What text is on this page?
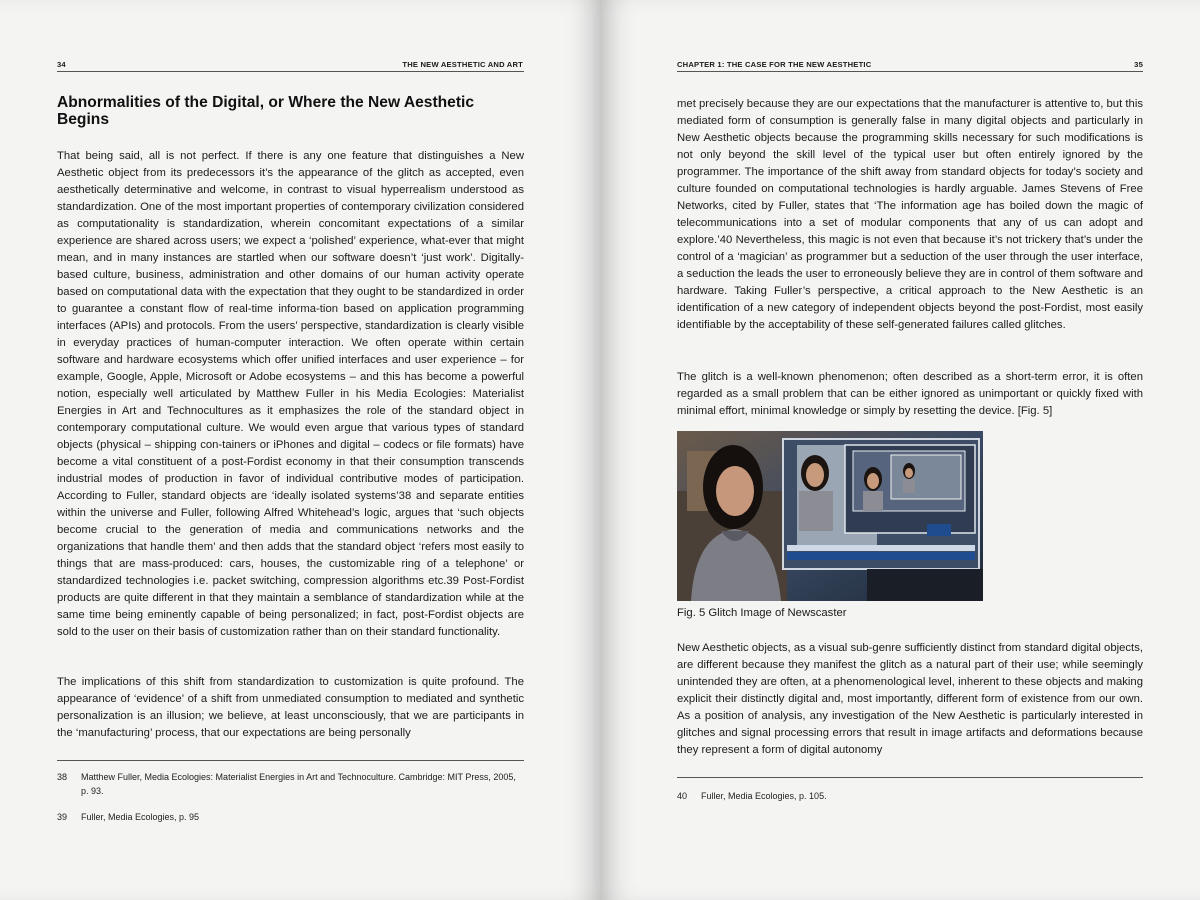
34	THE NEW AESTHETIC AND ART
Abnormalities of the Digital, or Where the New Aesthetic Begins

That being said, all is not perfect. If there is any one feature that distinguishes a New Aesthetic object from its predecessors it’s the appearance of the glitch as accepted, even aesthetically determinative and welcome, in contrast to visual hyperrealism understood as standardization. One of the most important properties of contemporary civilization considered as computationality is standardization, wherein concomitant expectations of a similar experience are shared across users; we expect a ‘polished’ experience, what-ever that might mean, and in many instances are startled when our software doesn’t ‘just work’. Digitally-based culture, business, administration and other domains of our human activity operate based on computational data with the expectation that they ought to be standardized in order to guarantee a constant flow of real-time informa-tion based on application programming interfaces (APIs) and protocols. From the users’ perspective, standardization is clearly visible in everyday practices of human-computer interaction. We often operate within certain software and hardware ecosystems which offer unified interfaces and user experience – for example, Google, Apple, Microsoft or Adobe ecosystems – and this has become a powerful notion, especially well articulated by Matthew Fuller in his Media Ecologies: Materialist Energies in Art and Technocultures as it emphasizes the role of the standard object in contemporary computational culture. We would even argue that various types of standard objects (physical – shipping con-tainers or iPhones and digital – codecs or file formats) have become a vital constituent of a post-Fordist economy in that their consumption transcends industrial modes of production in favor of individual contributive modes of participation. According to Fuller, standard objects are ‘ideally isolated systems’38 and separate entities within the universe and Fuller, following Alfred Whitehead’s logic, argues that ‘such objects become crucial to the generation of media and communications networks and the organizations that handle them’ and then adds that the standard object ‘refers most easily to things that are mass-produced: cars, houses, the customizable ring of a telephone’ or standardized technologies i.e. packet switching, compression algorithms etc.39 Post-Fordist products are quite different in that they maintain a semblance of standardization while at the same time being eminently capable of being personalized; in fact, post-Fordist objects are sold to the user on their basis of customization rather than on their standard functionality.

The implications of this shift from standardization to customization is quite profound. The appearance of ‘evidence’ of a shift from unmediated consumption to mediated and synthetic personalization is an illusion; we believe, at least unconsciously, that we are participants in the ‘manufacturing’ process, that our expectations are being personally

38 Matthew Fuller, Media Ecologies: Materialist Energies in Art and Technoculture. Cambridge: MIT Press, 2005, p. 93.
39 Fuller, Media Ecologies, p. 95
CHAPTER 1: THE CASE FOR THE NEW AESTHETIC	35

met precisely because they are our expectations that the manufacturer is attentive to, but this mediated form of consumption is generally false in many digital objects and particularly in New Aesthetic objects because the programming skills necessary for such modifications is not only beyond the skill level of the typical user but often entirely ignored by the programmer. The importance of the shift away from standard objects for today’s society and culture founded on computational technologies is hardly arguable. James Stevens of Free Networks, cited by Fuller, states that ‘The information age has boiled down the magic of telecommunications into a set of modular components that any of us can adopt and explore.’40 Nevertheless, this magic is not even that because it’s not trickery that’s under the control of a ‘magician’ as programmer but a seduction of the user through the user interface, a seduction the leads the user to erroneously believe they are in control of them software and hardware. Taking Fuller’s perspective, a critical approach to the New Aesthetic is an identification of a new category of independent objects beyond the post-Fordist, most easily identifiable by the acceptability of these self-generated failures called glitches.

The glitch is a well-known phenomenon; often described as a short-term error, it is often regarded as a small problem that can be either ignored as unimportant or quickly fixed with minimal effort, minimal knowledge or simply by resetting the device. [Fig. 5]

Fig. 5 Glitch Image of Newscaster

New Aesthetic objects, as a visual sub-genre sufficiently distinct from standard digital objects, are different because they manifest the glitch as a natural part of their use; while seemingly unintended they are often, at a phenomenological level, inherent to these objects and making explicit their distinctly digital and, most importantly, different form of existence from our own. As a position of analysis, any investigation of the New Aesthetic is particularly interested in glitches and signal processing errors that result in image artifacts and deformations because they represent a form of digital autonomy

40 Fuller, Media Ecologies, p. 105.
